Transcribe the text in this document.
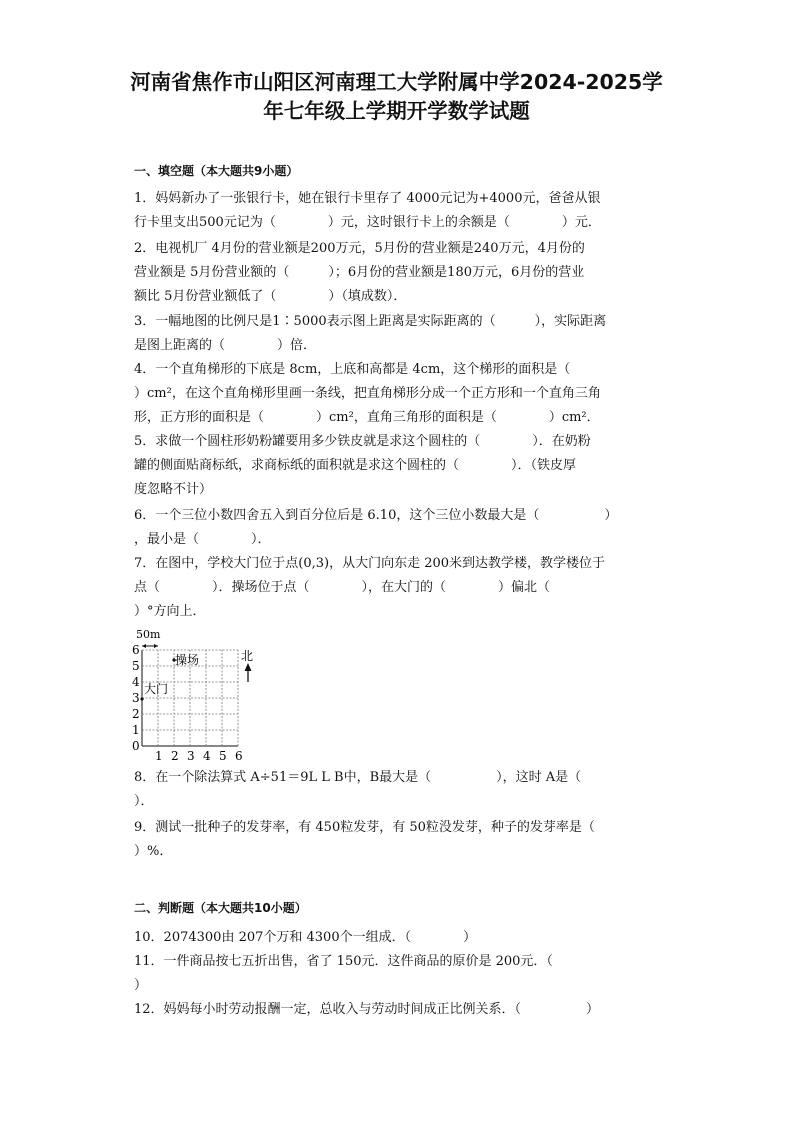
河南省焦作市山阳区河南理工大学附属中学2024-2025学
年七年级上学期开学数学试题
一、填空题（本大题共9小题）

1．妈妈新办了一张银行卡，她在银行卡里存了 4000元记为+4000元，爸爸从银

行卡里支出500元记为（　　　　）元，这时银行卡上的余额是（　　　　）元．

2．电视机厂 4月份的营业额是200万元，5月份的营业额是240万元，4月份的

营业额是 5月份营业额的（　　　）；6月份的营业额是180万元，6月份的营业

额比 5月份营业额低了（　　　　）（填成数）．

3．一幅地图的比例尺是1∶5000表示图上距离是实际距离的（　　　），实际距离

是图上距离的（　　　　）倍．

4．一个直角梯形的下底是 8cm，上底和高都是 4cm，这个梯形的面积是（

）cm²，在这个直角梯形里画一条线，把直角梯形分成一个正方形和一个直角三角

形，正方形的面积是（　　　　）cm²，直角三角形的面积是（　　　　）cm²．

5．求做一个圆柱形奶粉罐要用多少铁皮就是求这个圆柱的（　　　　）．在奶粉

罐的侧面贴商标纸，求商标纸的面积就是求这个圆柱的（　　　　）．（铁皮厚

度忽略不计）

6．一个三位小数四舍五入到百分位后是 6.10，这个三位小数最大是（　　　　　）

，最小是（　　　　）．

7．在图中，学校大门位于点(0,3)，从大门向东走 200米到达教学楼，教学楼位于

点（　　　　）．操场位于点（　　　　），在大门的（　　　　）偏北（

）°方向上．

50m
0
1
2
3
4
5
6
1 2 3 4 5 6
操场
大门
北

8．在一个除法算式 A÷51＝9L L B中，B最大是（　　　　　），这时 A是（

）．

9．测试一批种子的发芽率，有 450粒发芽，有 50粒没发芽，种子的发芽率是（

）%．

二、判断题（本大题共10小题）

10．2074300由 207个万和 4300个一组成．（　　　　）

11．一件商品按七五折出售，省了 150元．这件商品的原价是 200元．（

）

12．妈妈每小时劳动报酬一定，总收入与劳动时间成正比例关系．（　　　　　）
